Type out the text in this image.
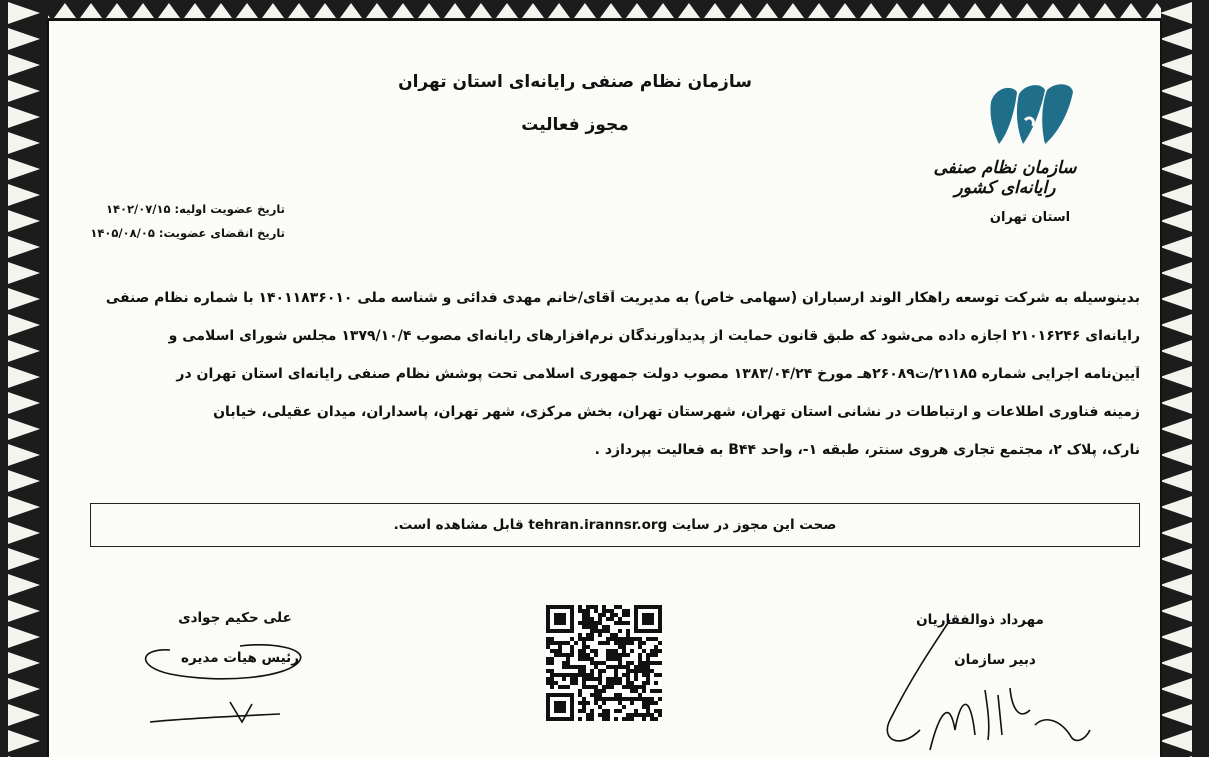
سازمان نظام صنفی رایانه‌ای استان تهران
مجوز فعالیت
سازمان نظام صنفی رایانه‌ای کشور
استان تهران
تاریخ عضویت اولیه: ۱۴۰۲/۰۷/۱۵
تاریخ انقضای عضویت: ۱۴۰۵/۰۸/۰۵
بدینوسیله به شرکت توسعه راهکار الوند ارسباران (سهامی خاص) به مدیریت آقای/خانم مهدی فدائی و شناسه ملی ۱۴۰۱۱۸۳۶۰۱۰ با شماره نظام صنفی
رایانه‌ای ۲۱۰۱۶۲۴۶ اجازه داده می‌شود که طبق قانون حمایت از پدیدآورندگان نرم‌افزارهای رایانه‌ای مصوب ۱۳۷۹/۱۰/۴ مجلس شورای اسلامی و
آیین‌نامه اجرایی شماره ۲۱۱۸۵/ت۲۶۰۸۹هـ مورخ ۱۳۸۳/۰۴/۲۴ مصوب دولت جمهوری اسلامی تحت پوشش نظام صنفی رایانه‌ای استان تهران در
زمینه فناوری اطلاعات و ارتباطات در نشانی استان تهران، شهرستان تهران، بخش مرکزی، شهر تهران، پاسداران، میدان عقیلی، خیابان
نارک، پلاک ۲، مجتمع تجاری هروی سنتر، طبقه ۱-، واحد B۴۴ به فعالیت بپردازد .
صحت این مجوز در سایت tehran.irannsr.org قابل مشاهده است.
علی حکیم جوادی
رئیس هیات مدیره
مهرداد ذوالفقاریان
دبیر سازمان
